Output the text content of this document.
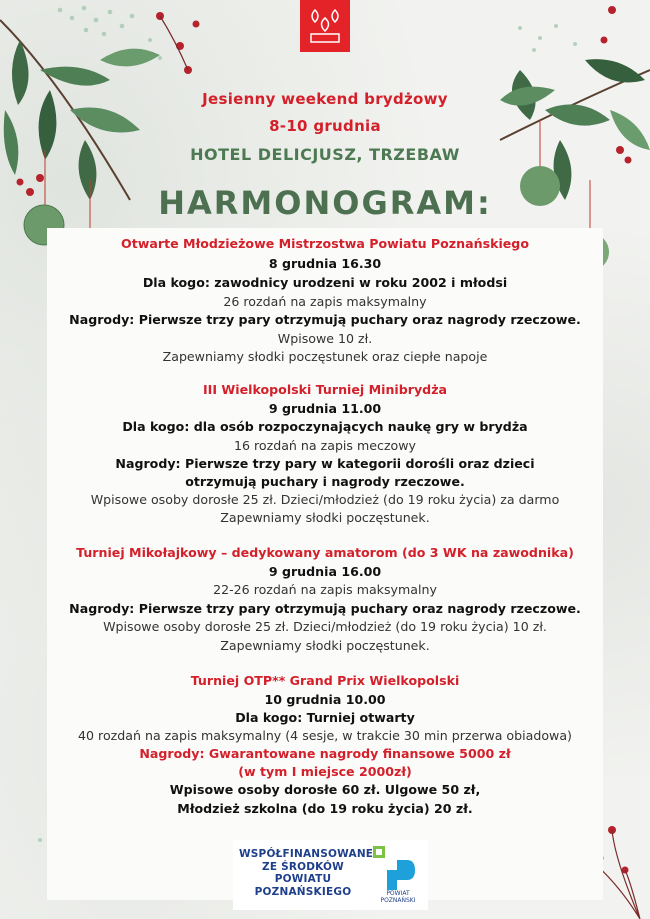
Jesienny weekend brydżowy
8-10 grudnia
HOTEL DELICJUSZ, TRZEBAW
HARMONOGRAM:
Otwarte Młodzieżowe Mistrzostwa Powiatu Poznańskiego
8 grudnia 16.30
Dla kogo: zawodnicy urodzeni w roku 2002 i młodsi
26 rozdań na zapis maksymalny
Nagrody: Pierwsze trzy pary otrzymują puchary oraz nagrody rzeczowe.
Wpisowe 10 zł.
Zapewniamy słodki poczęstunek oraz ciepłe napoje
III Wielkopolski Turniej Minibrydża
9 grudnia 11.00
Dla kogo: dla osób rozpoczynających naukę gry w brydża
16 rozdań na zapis meczowy
Nagrody: Pierwsze trzy pary w kategorii dorośli oraz dzieci
otrzymują puchary i nagrody rzeczowe.
Wpisowe osoby dorosłe 25 zł. Dzieci/młodzież (do 19 roku życia) za darmo
Zapewniamy słodki poczęstunek.
Turniej Mikołajkowy – dedykowany amatorom (do 3 WK na zawodnika)
9 grudnia 16.00
22-26 rozdań na zapis maksymalny
Nagrody: Pierwsze trzy pary otrzymują puchary oraz nagrody rzeczowe.
Wpisowe osoby dorosłe 25 zł. Dzieci/młodzież (do 19 roku życia) 10 zł.
Zapewniamy słodki poczęstunek.
Turniej OTP** Grand Prix Wielkopolski
10 grudnia 10.00
Dla kogo: Turniej otwarty
40 rozdań na zapis maksymalny (4 sesje, w trakcie 30 min przerwa obiadowa)
Nagrody: Gwarantowane nagrody finansowe 5000 zł
(w tym I miejsce 2000zł)
Wpisowe osoby dorosłe 60 zł. Ulgowe 50 zł,
Młodzież szkolna (do 19 roku życia) 20 zł.
WSPÓŁFINANSOWANE
ZE ŚRODKÓW
POWIATU
POZNAŃSKIEGO	POWIAT
POZNAŃSKI
